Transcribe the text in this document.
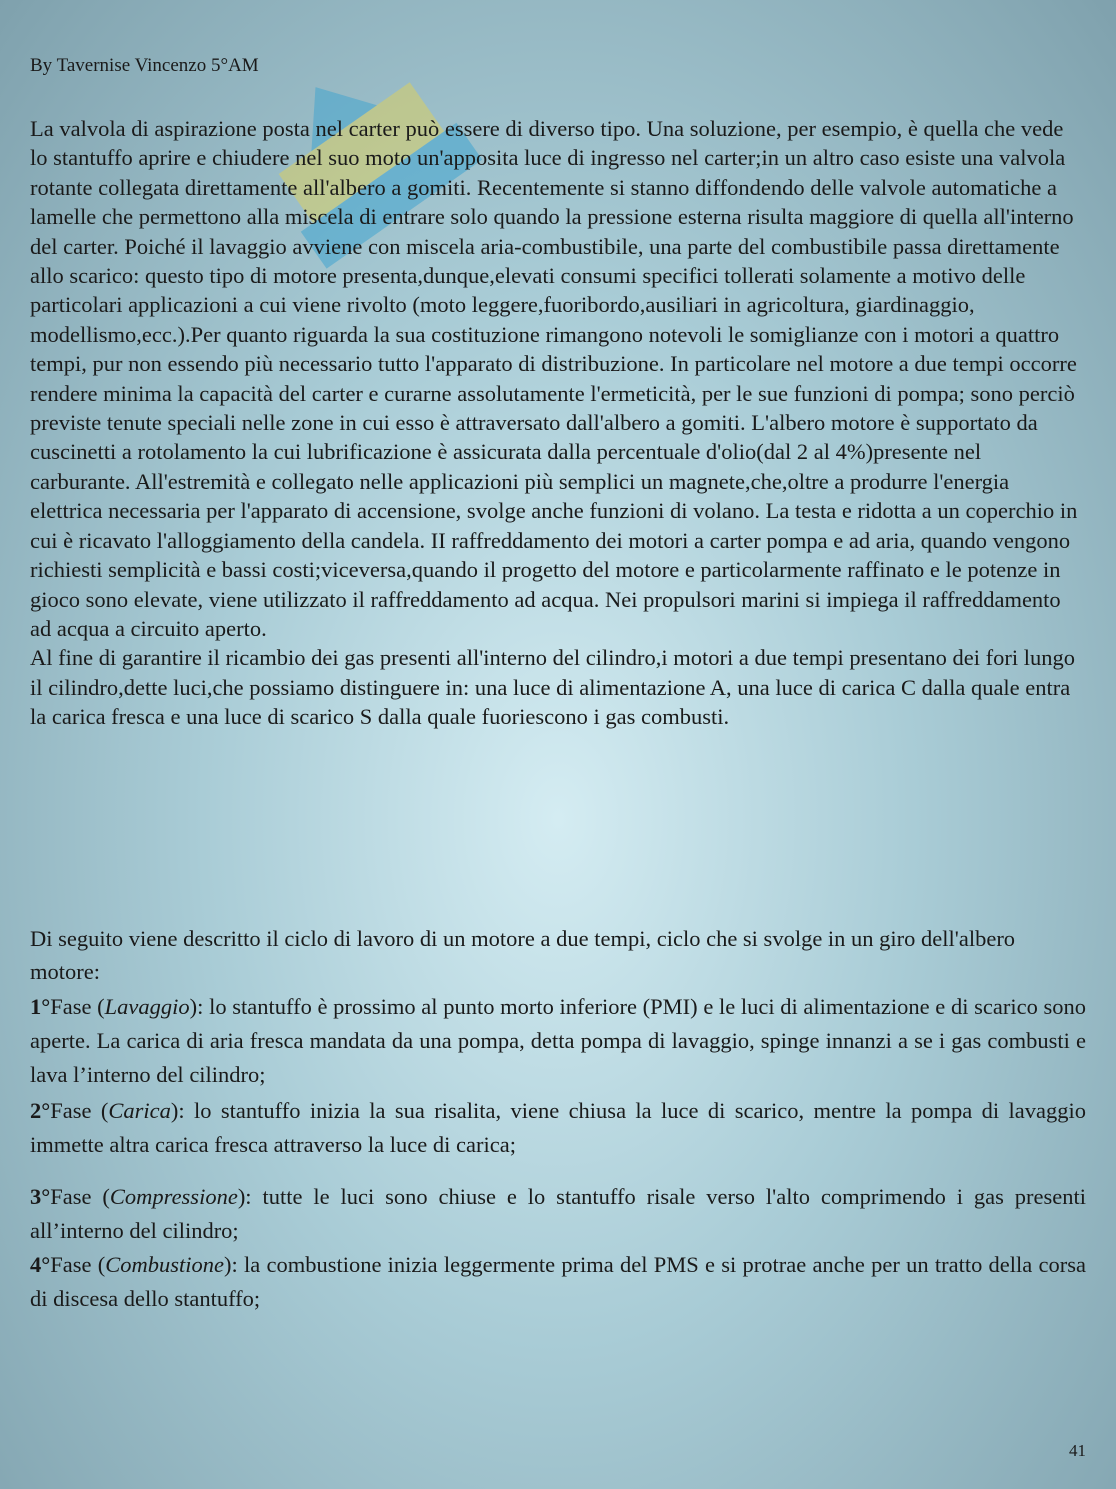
By Tavernise Vincenzo 5°AM

La valvola di aspirazione posta nel carter può essere di diverso tipo. Una soluzione, per esempio, è quella che vede lo stantuffo aprire e chiudere nel suo moto un'apposita luce di ingresso nel carter;in un altro caso esiste una valvola rotante collegata direttamente all'albero a gomiti. Recentemente si stanno diffondendo delle valvole automatiche a lamelle che permettono alla miscela di entrare solo quando la pressione esterna risulta maggiore di quella all'interno del carter. Poiché il lavaggio avviene con miscela aria-combustibile, una parte del combustibile passa direttamente allo scarico: questo tipo di motore presenta,dunque,elevati consumi specifici tollerati solamente a motivo delle particolari applicazioni a cui viene rivolto (moto leggere,fuoribordo,ausiliari in agricoltura, giardinaggio, modellismo,ecc.).Per quanto riguarda la sua costituzione rimangono notevoli le somiglianze con i motori a quattro tempi, pur non essendo più necessario tutto l'apparato di distribuzione. In particolare nel motore a due tempi occorre rendere minima la capacità del carter e curarne assolutamente l'ermeticità, per le sue funzioni di pompa; sono perciò previste tenute speciali nelle zone in cui esso è attraversato dall'albero a gomiti. L'albero motore è supportato da cuscinetti a rotolamento la cui lubrificazione è assicurata dalla percentuale d'olio(dal 2 al 4%)presente nel carburante. All'estremità e collegato nelle applicazioni più semplici un magnete,che,oltre a produrre l'energia elettrica necessaria per l'apparato di accensione, svolge anche funzioni di volano. La testa e ridotta a un coperchio in cui è ricavato l'alloggiamento della candela. II raffreddamento dei motori a carter pompa e ad aria, quando vengono richiesti semplicità e bassi costi;viceversa,quando il progetto del motore e particolarmente raffinato e le potenze in gioco sono elevate, viene utilizzato il raffreddamento ad acqua. Nei propulsori marini si impiega il raffreddamento ad acqua a circuito aperto.

Al fine di garantire il ricambio dei gas presenti all'interno del cilindro,i motori a due tempi presentano dei fori lungo il cilindro,dette luci,che possiamo distinguere in: una luce di alimentazione A, una luce di carica C dalla quale entra la carica fresca e una luce di scarico S dalla quale fuoriescono i gas combusti.

Di seguito viene descritto il ciclo di lavoro di un motore a due tempi, ciclo che si svolge in un giro dell'albero motore:

1°Fase (Lavaggio): lo stantuffo è prossimo al punto morto inferiore (PMI) e le luci di alimentazione e di scarico sono aperte. La carica di aria fresca mandata da una pompa, detta pompa di lavaggio, spinge innanzi a se i gas combusti e lava l’interno del cilindro;

2°Fase (Carica): lo stantuffo inizia la sua risalita, viene chiusa la luce di scarico, mentre la pompa di lavaggio immette altra carica fresca attraverso la luce di carica;

3°Fase (Compressione): tutte le luci sono chiuse e lo stantuffo risale verso l'alto comprimendo i gas presenti all’interno del cilindro;

4°Fase (Combustione): la combustione inizia leggermente prima del PMS e si protrae anche per un tratto della corsa di discesa dello stantuffo;

41
